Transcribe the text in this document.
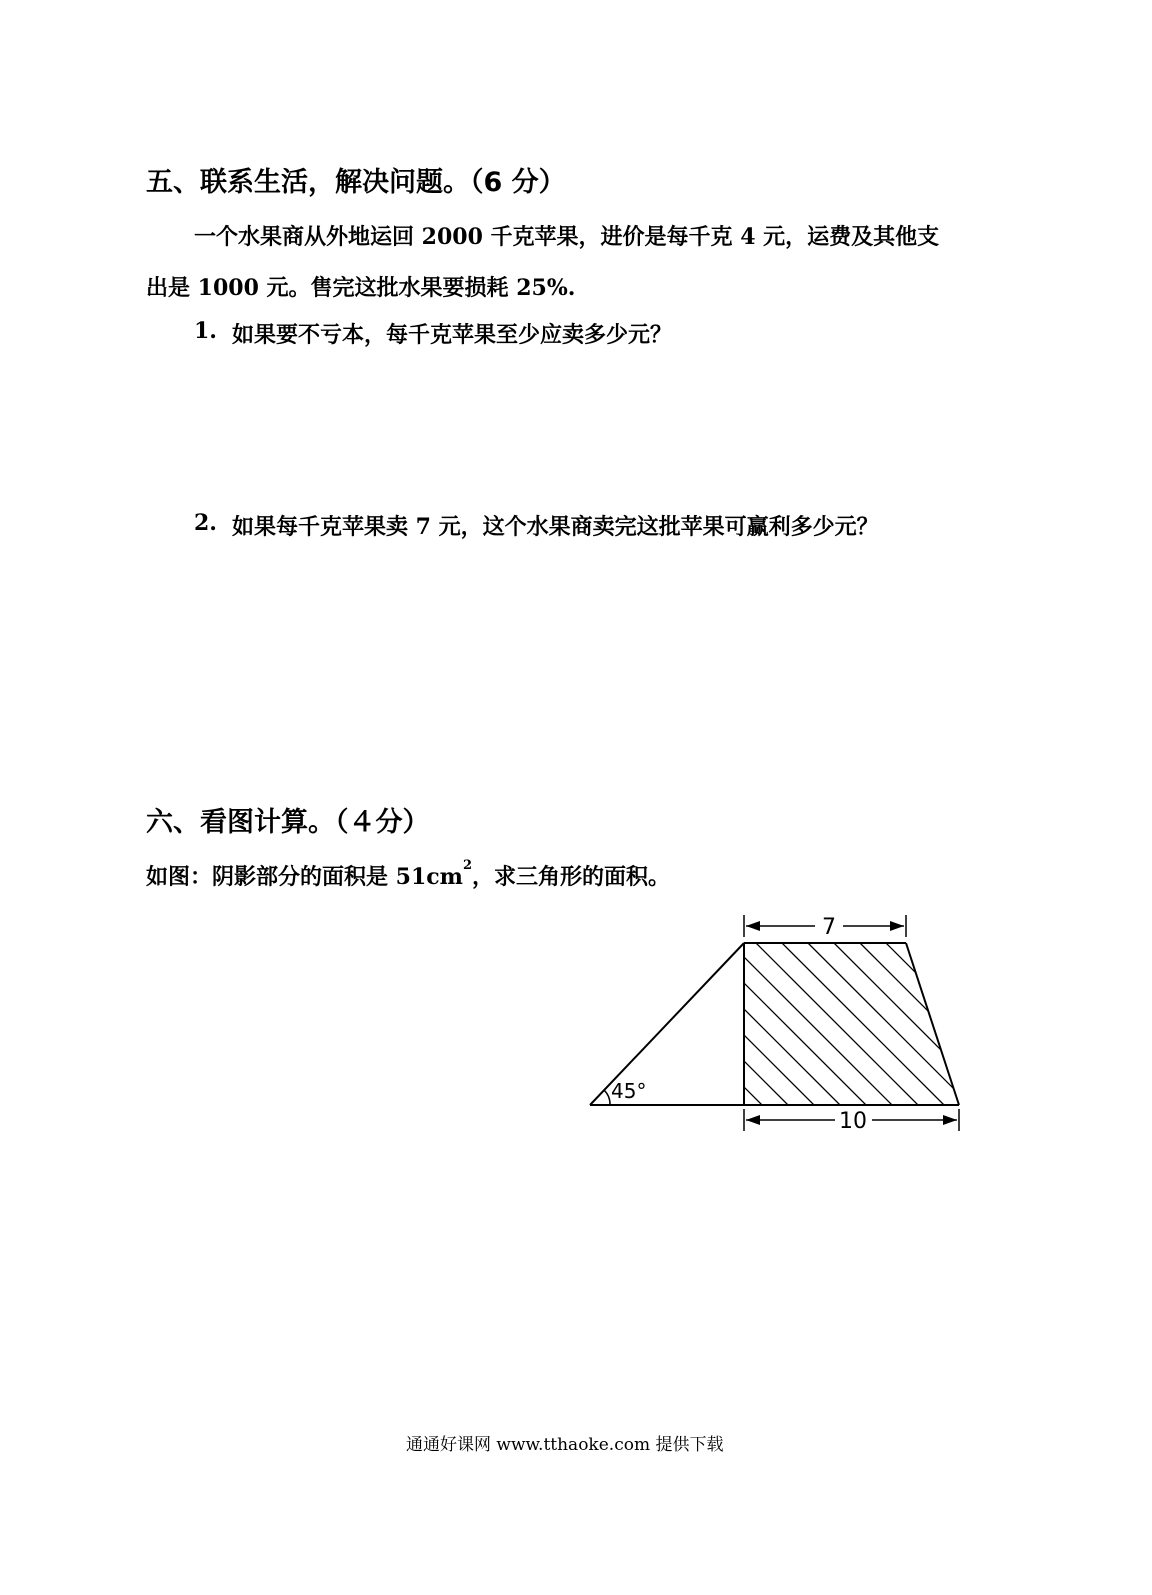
五、联系生活，解决问题。（6 分）
一个水果商从外地运回 2000 千克苹果，进价是每千克 4 元，运费及其他支
出是 1000 元。售完这批水果要损耗 25%.
1. 如果要不亏本，每千克苹果至少应卖多少元？
2. 如果每千克苹果卖 7 元，这个水果商卖完这批苹果可赢利多少元？
六、看图计算。（４分）
如图：阴影部分的面积是 $51cm^2$，求三角形的面积。
7
10
45°
通通好课网 www.tthaoke.com 提供下载
